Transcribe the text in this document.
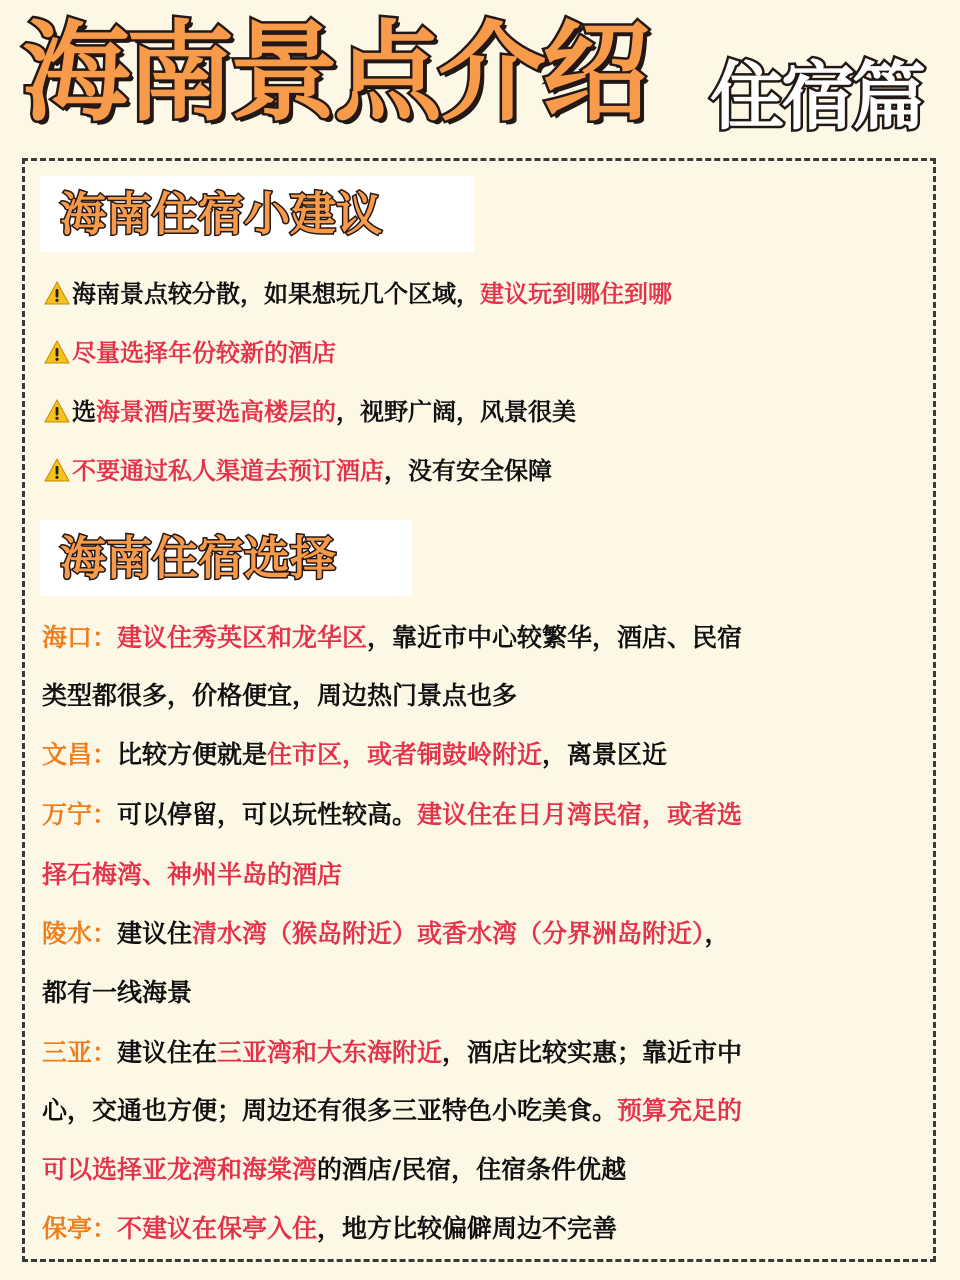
海南景点介绍 住宿篇
海南住宿小建议
海南景点较分散，如果想玩几个区域，建议玩到哪住到哪
尽量选择年份较新的酒店
选海景酒店要选高楼层的，视野广阔，风景很美
不要通过私人渠道去预订酒店，没有安全保障
海南住宿选择
海口：建议住秀英区和龙华区，靠近市中心较繁华，酒店、民宿
类型都很多，价格便宜，周边热门景点也多
文昌：比较方便就是住市区，或者铜鼓岭附近，离景区近
万宁：可以停留，可以玩性较高。建议住在日月湾民宿，或者选
择石梅湾、神州半岛的酒店
陵水：建议住清水湾（猴岛附近）或香水湾（分界洲岛附近），
都有一线海景
三亚：建议住在三亚湾和大东海附近，酒店比较实惠；靠近市中
心，交通也方便；周边还有很多三亚特色小吃美食。预算充足的
可以选择亚龙湾和海棠湾的酒店/民宿，住宿条件优越
保亭：不建议在保亭入住，地方比较偏僻周边不完善
